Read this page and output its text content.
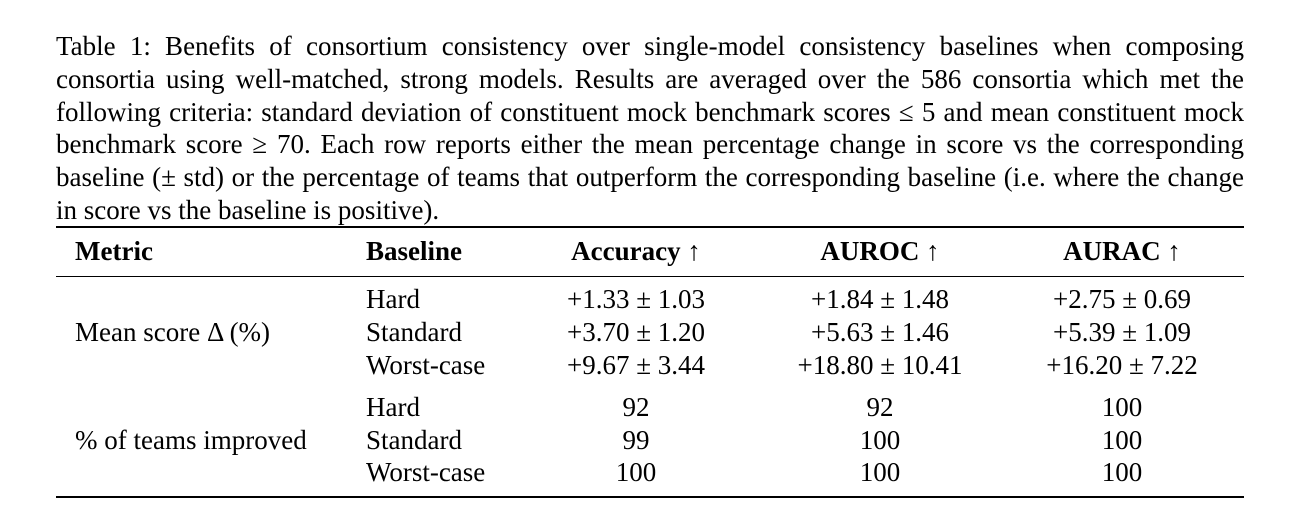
Table 1: Benefits of consortium consistency over single-model consistency baselines when composing consortia using well-matched, strong models. Results are averaged over the 586 consortia which met the following criteria: standard deviation of constituent mock benchmark scores ≤ 5 and mean constituent mock benchmark score ≥ 70. Each row reports either the mean percentage change in score vs the corresponding baseline (± std) or the percentage of teams that outperform the corresponding baseline (i.e. where the change in score vs the baseline is positive).
Metric	Baseline	Accuracy ↑	AUROC ↑	AURAC ↑
Mean score Δ (%)
Hard	+1.33 ± 1.03	+1.84 ± 1.48	+2.75 ± 0.69
Standard	+3.70 ± 1.20	+5.63 ± 1.46	+5.39 ± 1.09
Worst-case	+9.67 ± 3.44	+18.80 ± 10.41	+16.20 ± 7.22
% of teams improved
Hard	92	92	100
Standard	99	100	100
Worst-case	100	100	100
